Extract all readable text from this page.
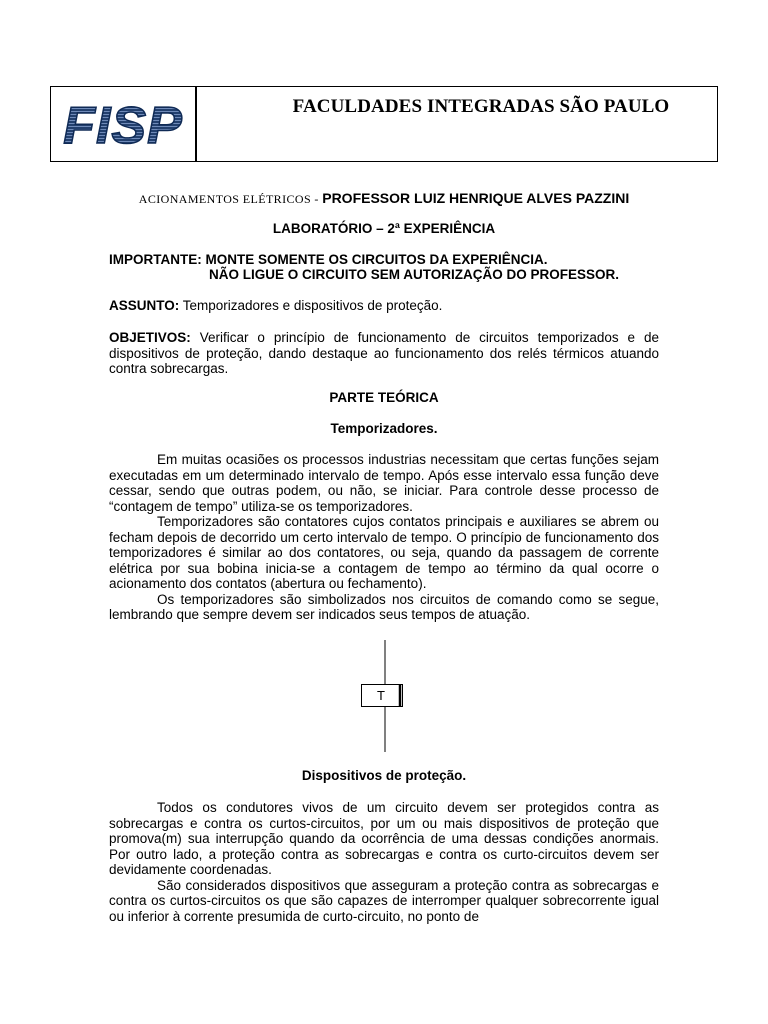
FISP	FACULDADES INTEGRADAS SÃO PAULO
ACIONAMENTOS ELÉTRICOS - PROFESSOR LUIZ HENRIQUE ALVES PAZZINI
LABORATÓRIO – 2ª EXPERIÊNCIA
IMPORTANTE: MONTE SOMENTE OS CIRCUITOS DA EXPERIÊNCIA.
NÃO LIGUE O CIRCUITO SEM AUTORIZAÇÃO DO PROFESSOR.
ASSUNTO: Temporizadores e dispositivos de proteção.
OBJETIVOS: Verificar o princípio de funcionamento de circuitos temporizados e de dispositivos de proteção, dando destaque ao funcionamento dos relés térmicos atuando contra sobrecargas.
PARTE TEÓRICA
Temporizadores.

Em muitas ocasiões os processos industrias necessitam que certas funções sejam executadas em um determinado intervalo de tempo. Após esse intervalo essa função deve cessar, sendo que outras podem, ou não, se iniciar. Para controle desse processo de “contagem de tempo” utiliza-se os temporizadores.

Temporizadores são contatores cujos contatos principais e auxiliares se abrem ou fecham depois de decorrido um certo intervalo de tempo. O princípio de funcionamento dos temporizadores é similar ao dos contatores, ou seja, quando da passagem de corrente elétrica por sua bobina inicia-se a contagem de tempo ao término da qual ocorre o acionamento dos contatos (abertura ou fechamento).

Os temporizadores são simbolizados nos circuitos de comando como se segue, lembrando que sempre devem ser indicados seus tempos de atuação.

T
Dispositivos de proteção.

Todos os condutores vivos de um circuito devem ser protegidos contra as sobrecargas e contra os curtos-circuitos, por um ou mais dispositivos de proteção que promova(m) sua interrupção quando da ocorrência de uma dessas condições anormais. Por outro lado, a proteção contra as sobrecargas e contra os curto-circuitos devem ser devidamente coordenadas.

São considerados dispositivos que asseguram a proteção contra as sobrecargas e contra os curtos-circuitos os que são capazes de interromper qualquer sobrecorrente igual ou inferior à corrente presumida de curto-circuito, no ponto de
